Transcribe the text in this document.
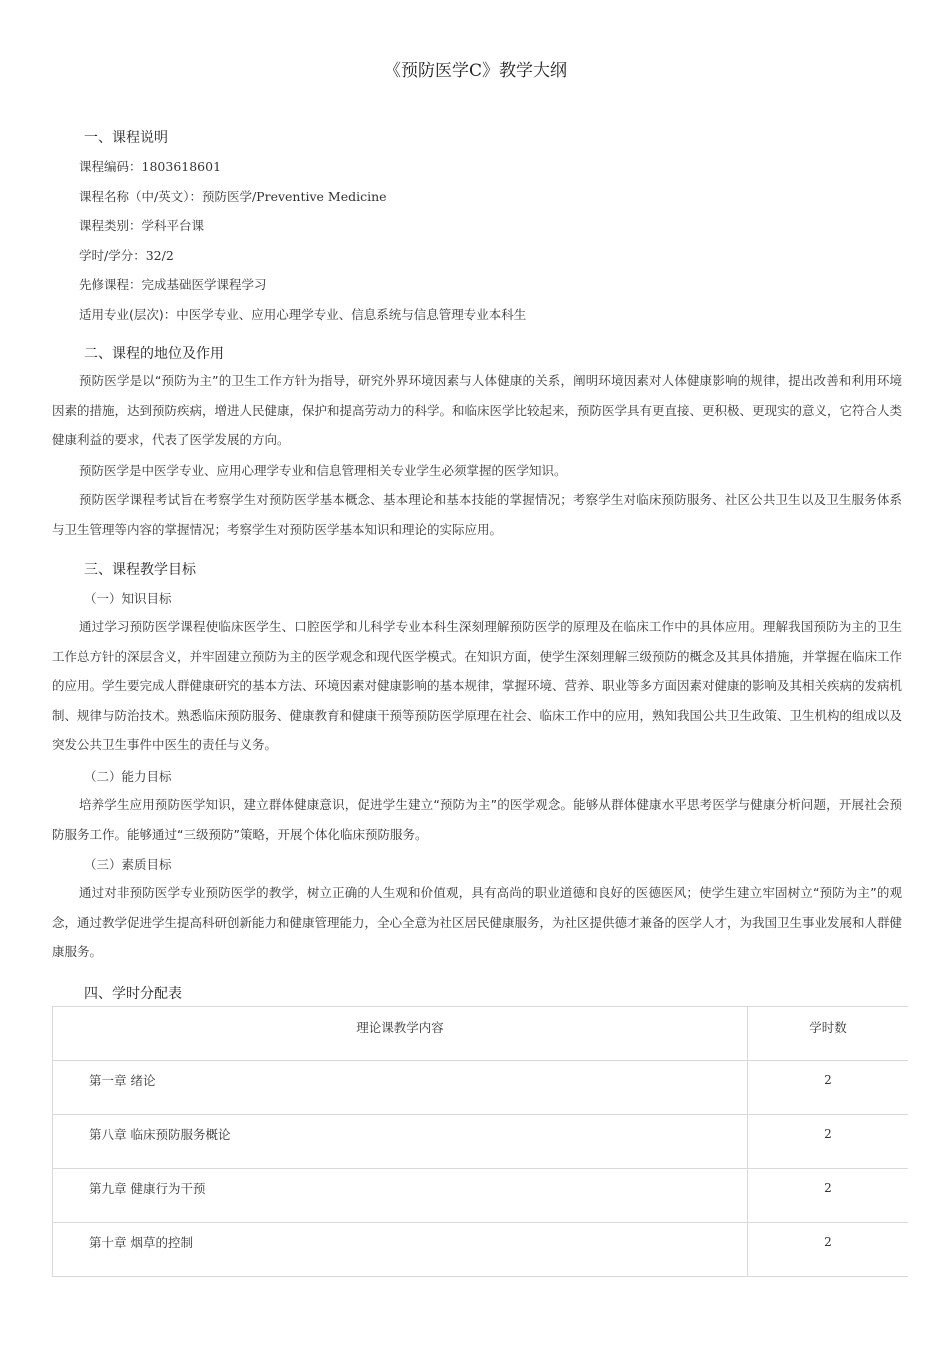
《预防医学C》教学大纲
一、课程说明
课程编码：1803618601
课程名称（中/英文）：预防医学/Preventive Medicine
课程类别：学科平台课
学时/学分：32/2
先修课程：完成基础医学课程学习
适用专业(层次)：中医学专业、应用心理学专业、信息系统与信息管理专业本科生
二、课程的地位及作用
预防医学是以“预防为主”的卫生工作方针为指导，研究外界环境因素与人体健康的关系，阐明环境因素对人体健康影响的规律，提出改善和利用环境因素的措施，达到预防疾病，增进人民健康，保护和提高劳动力的科学。和临床医学比较起来，预防医学具有更直接、更积极、更现实的意义，它符合人类健康利益的要求，代表了医学发展的方向。
预防医学是中医学专业、应用心理学专业和信息管理相关专业学生必须掌握的医学知识。
预防医学课程考试旨在考察学生对预防医学基本概念、基本理论和基本技能的掌握情况；考察学生对临床预防服务、社区公共卫生以及卫生服务体系与卫生管理等内容的掌握情况；考察学生对预防医学基本知识和理论的实际应用。
三、课程教学目标
（一）知识目标
通过学习预防医学课程使临床医学生、口腔医学和儿科学专业本科生深刻理解预防医学的原理及在临床工作中的具体应用。理解我国预防为主的卫生工作总方针的深层含义，并牢固建立预防为主的医学观念和现代医学模式。在知识方面，使学生深刻理解三级预防的概念及其具体措施，并掌握在临床工作的应用。学生要完成人群健康研究的基本方法、环境因素对健康影响的基本规律，掌握环境、营养、职业等多方面因素对健康的影响及其相关疾病的发病机制、规律与防治技术。熟悉临床预防服务、健康教育和健康干预等预防医学原理在社会、临床工作中的应用，熟知我国公共卫生政策、卫生机构的组成以及突发公共卫生事件中医生的责任与义务。
（二）能力目标
培养学生应用预防医学知识，建立群体健康意识，促进学生建立“预防为主”的医学观念。能够从群体健康水平思考医学与健康分析问题，开展社会预防服务工作。能够通过“三级预防”策略，开展个体化临床预防服务。
（三）素质目标
通过对非预防医学专业预防医学的教学，树立正确的人生观和价值观，具有高尚的职业道德和良好的医德医风；使学生建立牢固树立“预防为主”的观念，通过教学促进学生提高科研创新能力和健康管理能力，全心全意为社区居民健康服务，为社区提供德才兼备的医学人才，为我国卫生事业发展和人群健康服务。
四、学时分配表
理论课教学内容	学时数
第一章 绪论	2
第八章 临床预防服务概论	2
第九章 健康行为干预	2
第十章 烟草的控制	2
